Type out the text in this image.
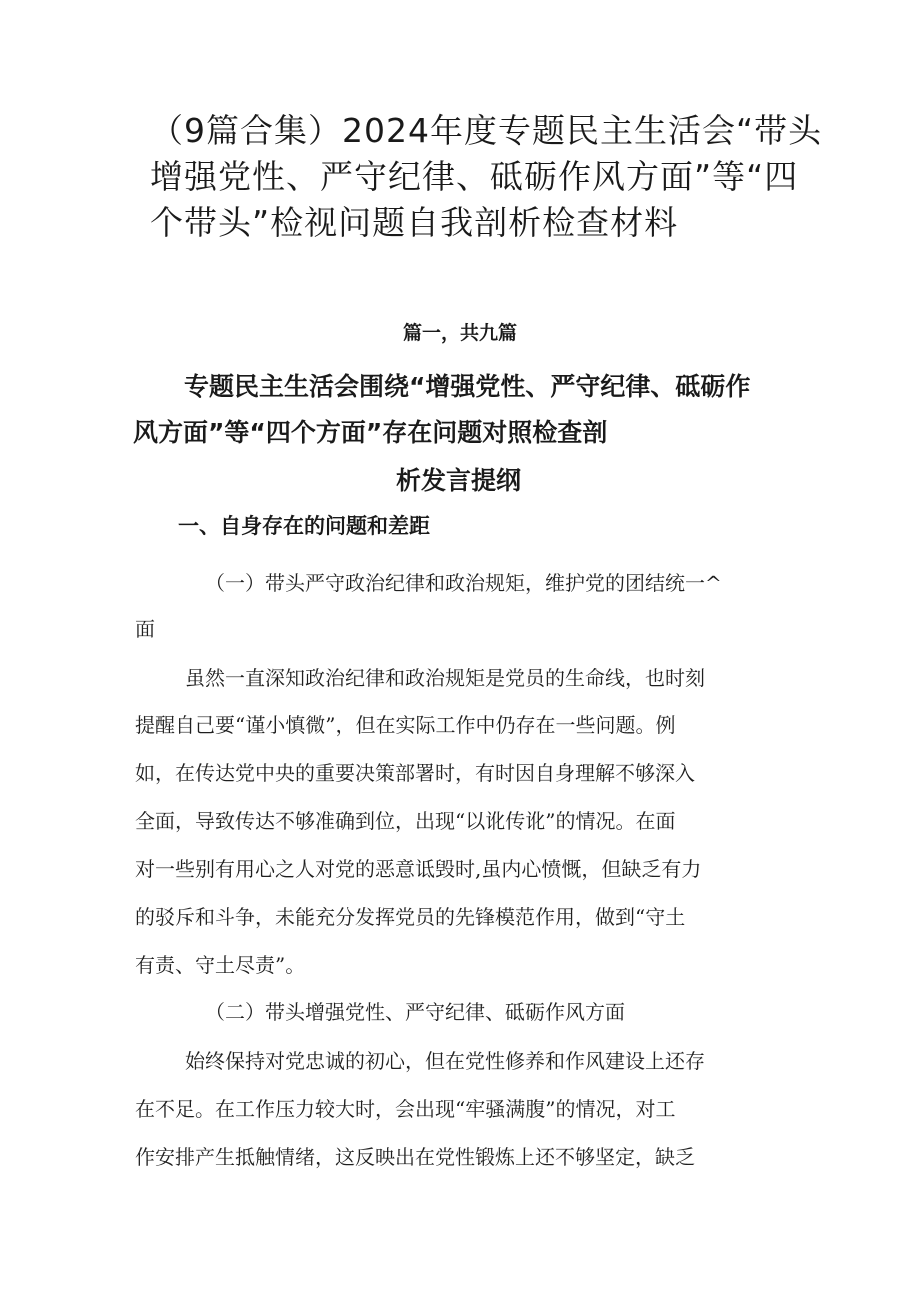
（9篇合集）2024年度专题民主生活会“带头
增强党性、严守纪律、砥砺作风方面”等“四
个带头”检视问题自我剖析检查材料
篇一，共九篇
专题民主生活会围绕“增强党性、严守纪律、砥砺作
风方面”等“四个方面”存在问题对照检查剖
析发言提纲
一、自身存在的问题和差距
（一）带头严守政治纪律和政治规矩，维护党的团结统一^
面
虽然一直深知政治纪律和政治规矩是党员的生命线，也时刻
提醒自己要“谨小慎微”，但在实际工作中仍存在一些问题。例
如，在传达党中央的重要决策部署时，有时因自身理解不够深入
全面，导致传达不够准确到位，出现“以讹传讹”的情况。在面
对一些别有用心之人对党的恶意诋毁时,虽内心愤慨，但缺乏有力
的驳斥和斗争，未能充分发挥党员的先锋模范作用，做到“守土
有责、守土尽责”。
（二）带头增强党性、严守纪律、砥砺作风方面
始终保持对党忠诚的初心，但在党性修养和作风建设上还存
在不足。在工作压力较大时，会出现“牢骚满腹”的情况，对工
作安排产生抵触情绪，这反映出在党性锻炼上还不够坚定，缺乏
